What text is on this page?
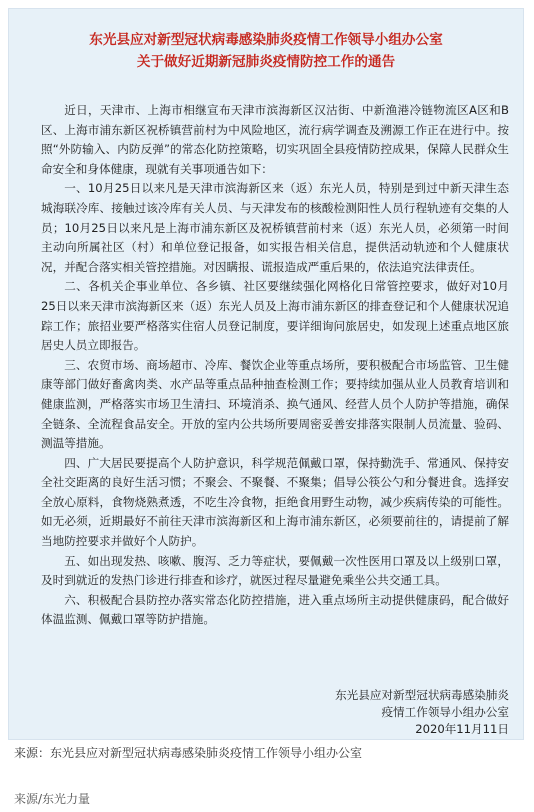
东光县应对新型冠状病毒感染肺炎疫情工作领导小组办公室
关于做好近期新冠肺炎疫情防控工作的通告

近日，天津市、上海市相继宣布天津市滨海新区汉沽街、中新渔港冷链物流区A区和B区、上海市浦东新区祝桥镇营前村为中风险地区，流行病学调查及溯源工作正在进行中。按照“外防输入、内防反弹”的常态化防控策略，切实巩固全县疫情防控成果，保障人民群众生命安全和身体健康，现就有关事项通告如下：

一、10月25日以来凡是天津市滨海新区来（返）东光人员，特别是到过中新天津生态城海联冷库、接触过该冷库有关人员、与天津发布的核酸检测阳性人员行程轨迹有交集的人员；10月25日以来凡是上海市浦东新区及祝桥镇营前村来（返）东光人员，必须第一时间主动向所属社区（村）和单位登记报备，如实报告相关信息，提供活动轨迹和个人健康状况，并配合落实相关管控措施。对因瞒报、谎报造成严重后果的，依法追究法律责任。

二、各机关企事业单位、各乡镇、社区要继续强化网格化日常管控要求，做好对10月25日以来天津市滨海新区来（返）东光人员及上海市浦东新区的排查登记和个人健康状况追踪工作；旅招业要严格落实住宿人员登记制度，要详细询问旅居史，如发现上述重点地区旅居史人员立即报告。

三、农贸市场、商场超市、冷库、餐饮企业等重点场所，要积极配合市场监管、卫生健康等部门做好畜禽肉类、水产品等重点品种抽查检测工作；要持续加强从业人员教育培训和健康监测，严格落实市场卫生清扫、环境消杀、换气通风、经营人员个人防护等措施，确保全链条、全流程食品安全。开放的室内公共场所要周密妥善安排落实限制人员流量、验码、测温等措施。

四、广大居民要提高个人防护意识，科学规范佩戴口罩，保持勤洗手、常通风、保持安全社交距离的良好生活习惯；不聚会、不聚餐、不聚集；倡导公筷公勺和分餐进食。选择安全放心原料，食物烧熟煮透，不吃生冷食物，拒绝食用野生动物，减少疾病传染的可能性。如无必须，近期最好不前往天津市滨海新区和上海市浦东新区，必须要前往的，请提前了解当地防控要求并做好个人防护。

五、如出现发热、咳嗽、腹泻、乏力等症状，要佩戴一次性医用口罩及以上级别口罩，及时到就近的发热门诊进行排查和诊疗，就医过程尽量避免乘坐公共交通工具。

六、积极配合县防控办落实常态化防控措施，进入重点场所主动提供健康码，配合做好体温监测、佩戴口罩等防护措施。

东光县应对新型冠状病毒感染肺炎
疫情工作领导小组办公室
2020年11月11日
来源：东光县应对新型冠状病毒感染肺炎疫情工作领导小组办公室
来源/东光力量
